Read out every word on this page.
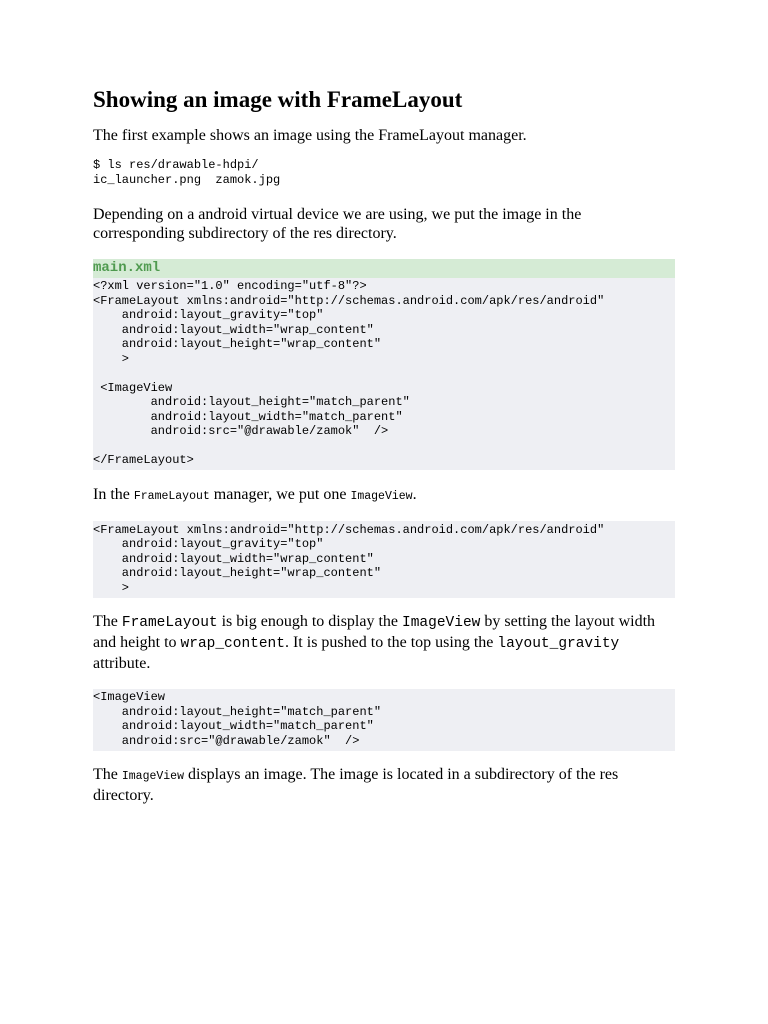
Showing an image with FrameLayout

The first example shows an image using the FrameLayout manager.

$ ls res/drawable-hdpi/
ic_launcher.png  zamok.jpg

Depending on a android virtual device we are using, we put the image in the corresponding subdirectory of the res directory.

main.xml
<?xml version="1.0" encoding="utf-8"?>
<FrameLayout xmlns:android="http://schemas.android.com/apk/res/android"
android:layout_gravity="top"
android:layout_width="wrap_content"
android:layout_height="wrap_content"
>

<ImageView
android:layout_height="match_parent"
android:layout_width="match_parent"
android:src="@drawable/zamok"  />

</FrameLayout>

In the FrameLayout manager, we put one ImageView.

<FrameLayout xmlns:android="http://schemas.android.com/apk/res/android"
android:layout_gravity="top"
android:layout_width="wrap_content"
android:layout_height="wrap_content"
>

The FrameLayout is big enough to display the ImageView by setting the layout width and height to wrap_content. It is pushed to the top using the layout_gravity attribute.

<ImageView
android:layout_height="match_parent"
android:layout_width="match_parent"
android:src="@drawable/zamok"  />

The ImageView displays an image. The image is located in a subdirectory of the res directory.
